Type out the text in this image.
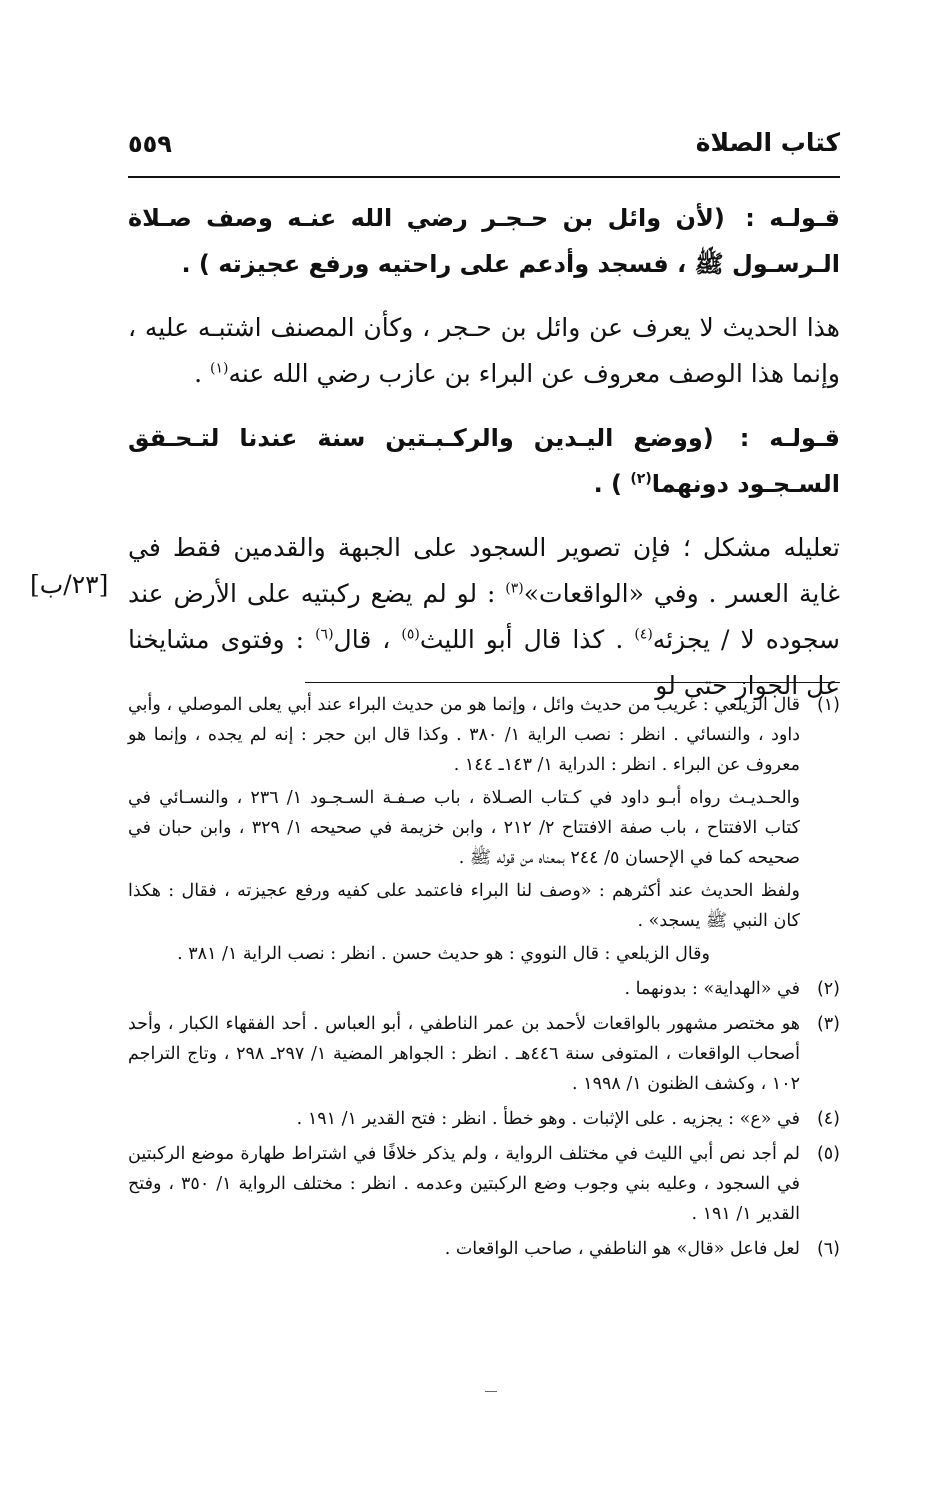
كتاب الصلاة
٥٥٩
[٢٣/ب]

قـولـه : (لأن وائل بن حـجـر رضي الله عنـه وصف صـلاة الـرسـول ﷺ ، فسجد وأدعم على راحتيه ورفع عجيزته ) .

هذا الحديث لا يعرف عن وائل بن حـجر ، وكأن المصنف اشتبـه عليه ، وإنما هذا الوصف معروف عن البراء بن عازب رضي الله عنه$^{(١)}$ .

قـولـه : (ووضع اليـدين والركـبـتين سنة عندنا لتـحـقق السـجـود دونهما$^{(٢)}$ ) .

تعليله مشكل ؛ فإن تصوير السجود على الجبهة والقدمين فقط في غاية العسر . وفي «الواقعات»$^{(٣)}$ : لو لم يضع ركبتيه على الأرض عند سجوده لا / يجزئه$^{(٤)}$ . كذا قال أبو الليث$^{(٥)}$ ، قال$^{(٦)}$ : وفتوى مشايخنا عل الجواز حتى لو

(١)

قال الزيلعي : غريب من حديث وائل ، وإنما هو من حديث البراء عند أبي يعلى الموصلي ، وأبي داود ، والنسائي . انظر : نصب الراية ١/ ٣٨٠ . وكذا قال ابن حجر : إنه لم يجده ، وإنما هو معروف عن البراء . انظر : الدراية ١/ ١٤٣ـ ١٤٤ .

والحـديـث رواه أبـو داود في كـتاب الصـلاة ، باب صـفـة السـجـود ١/ ٢٣٦ ، والنسـائي في كتاب الافتتاح ، باب صفة الافتتاح ٢/ ٢١٢ ، وابن خزيمة في صحيحه ١/ ٣٢٩ ، وابن حبان في صحيحه كما في الإحسان ٥/ ٢٤٤ بمعناه من قوله ﷺ .

ولفظ الحديث عند أكثرهم : «وصف لنا البراء فاعتمد على كفيه ورفع عجيزته ، فقال : هكذا كان النبي ﷺ يسجد» .

وقال الزيلعي : قال النووي : هو حديث حسن . انظر : نصب الراية ١/ ٣٨١ .

(٢)

في «الهداية» : بدونهما .

(٣)

هو مختصر مشهور بالواقعات لأحمد بن عمر الناطفي ، أبو العباس . أحد الفقهاء الكبار ، وأحد أصحاب الواقعات ، المتوفى سنة ٤٤٦هـ . انظر : الجواهر المضية ١/ ٢٩٧ـ ٢٩٨ ، وتاج التراجم ١٠٢ ، وكشف الظنون ١/ ١٩٩٨ .

(٤)

في «ع» : يجزيه . على الإثبات . وهو خطأ . انظر : فتح القدير ١/ ١٩١ .

(٥)

لم أجد نص أبي الليث في مختلف الرواية ، ولم يذكر خلافًا في اشتراط طهارة موضع الركبتين في السجود ، وعليه بني وجوب وضع الركبتين وعدمه . انظر : مختلف الرواية ١/ ٣٥٠ ، وفتح القدير ١/ ١٩١ .

(٦)

لعل فاعل «قال» هو الناطفي ، صاحب الواقعات .
